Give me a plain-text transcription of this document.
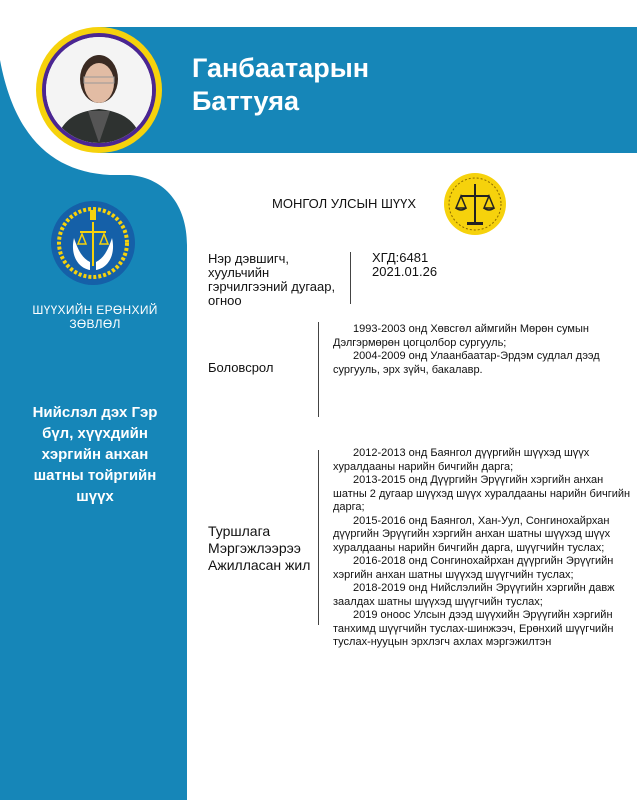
Ганбаатарын
Баттуяа
ШҮҮХИЙН ЕРӨНХИЙ
ЗӨВЛӨЛ
Нийслэл дэх Гэр бүл, хүүхдийн хэргийн анхан шатны тойргийн шүүх
МОНГОЛ УЛСЫН ШҮҮХ
Нэр дэвшигч, хуульчийн гэрчилгээний дугаар, огноо
ХГД:6481
2021.01.26
Боловсрол
1993-2003 онд Хөвсгөл аймгийн Мөрөн сумын Дэлгэрмөрөн цогцолбор сургууль;
2004-2009 онд Улаанбаатар-Эрдэм судлал дээд сургууль, эрх зүйч, бакалавр.
Туршлага Мэргэжлээрээ Ажилласан жил
2012-2013 онд Баянгол дүүргийн шүүхэд шүүх хуралдааны нарийн бичгийн дарга;
2013-2015 онд Дүүргийн Эрүүгийн хэргийн анхан шатны 2 дугаар шүүхэд шүүх хуралдааны нарийн бичгийн дарга;
2015-2016 онд Баянгол, Хан-Уул, Сонгинохайрхан дүүргийн Эрүүгийн хэргийн анхан шатны шүүхэд шүүх хуралдааны нарийн бичгийн дарга, шүүгчийн туслах;
2016-2018 онд Сонгинохайрхан дүүргийн Эрүүгийн хэргийн анхан шатны шүүхэд шүүгчийн туслах;
2018-2019 онд Нийслэлийн Эрүүгийн хэргийн давж заалдах шатны шүүхэд шүүгчийн туслах;
2019 оноос Улсын дээд шүүхийн Эрүүгийн хэргийн танхимд шүүгчийн туслах-шинжээч, Ерөнхий шүүгчийн туслах-нууцын эрхлэгч ахлах мэргэжилтэн
